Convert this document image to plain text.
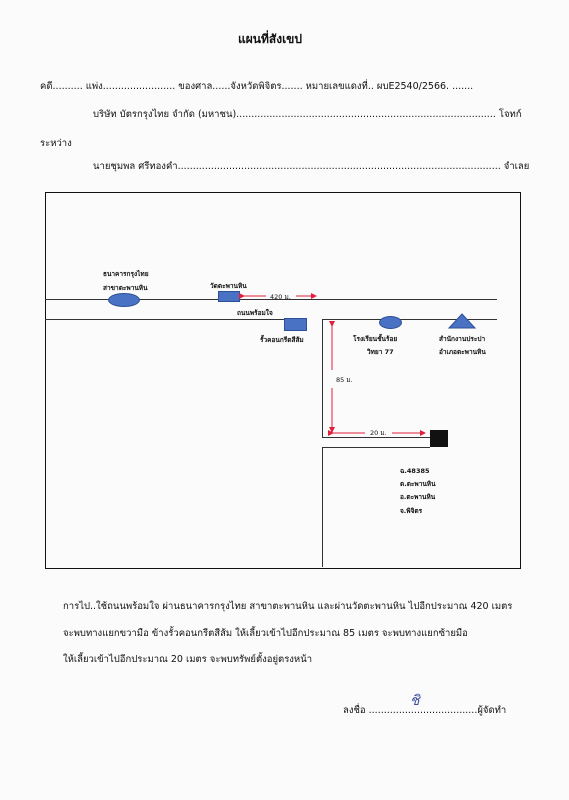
แผนที่สังเขป
คดี.......... แพ่ง........................ ของศาล......จังหวัดพิจิตร....... หมายเลขแดงที่.. ผบE2540/2566. .......
บริษัท บัตรกรุงไทย จำกัด (มหาชน)...................................................................................... โจทก์
ระหว่าง
นายชุมพล ศรีทองคำ........................................................................................................... จำเลย
ธนาคารกรุงไทย
สาขาตะพานหิน	วัดตะพานหิน
420 ม.
ถนนพร้อมใจ
รั้วคอนกรีตสีส้ม	โรงเรียนชั้นร้อย
วิทยา 77
สำนักงานประปา
อำเภอตะพานหิน
85 ม.
20 ม.
ฉ.48385
ต.ตะพานหิน
อ.ตะพานหิน
จ.พิจิตร
การไป..ใช้ถนนพร้อมใจ ผ่านธนาคารกรุงไทย สาขาตะพานหิน และผ่านวัดตะพานหิน ไปอีกประมาณ 420 เมตร
จะพบทางแยกขวามือ ข้างรั้วคอนกรีตสีส้ม ให้เลี้ยวเข้าไปอีกประมาณ 85 เมตร จะพบทางแยกซ้ายมือ
ให้เลี้ยวเข้าไปอีกประมาณ 20 เมตร จะพบทรัพย์ตั้งอยู่ตรงหน้า
ลงชื่อ ....................................ผู้จัดทำ
ชิ
